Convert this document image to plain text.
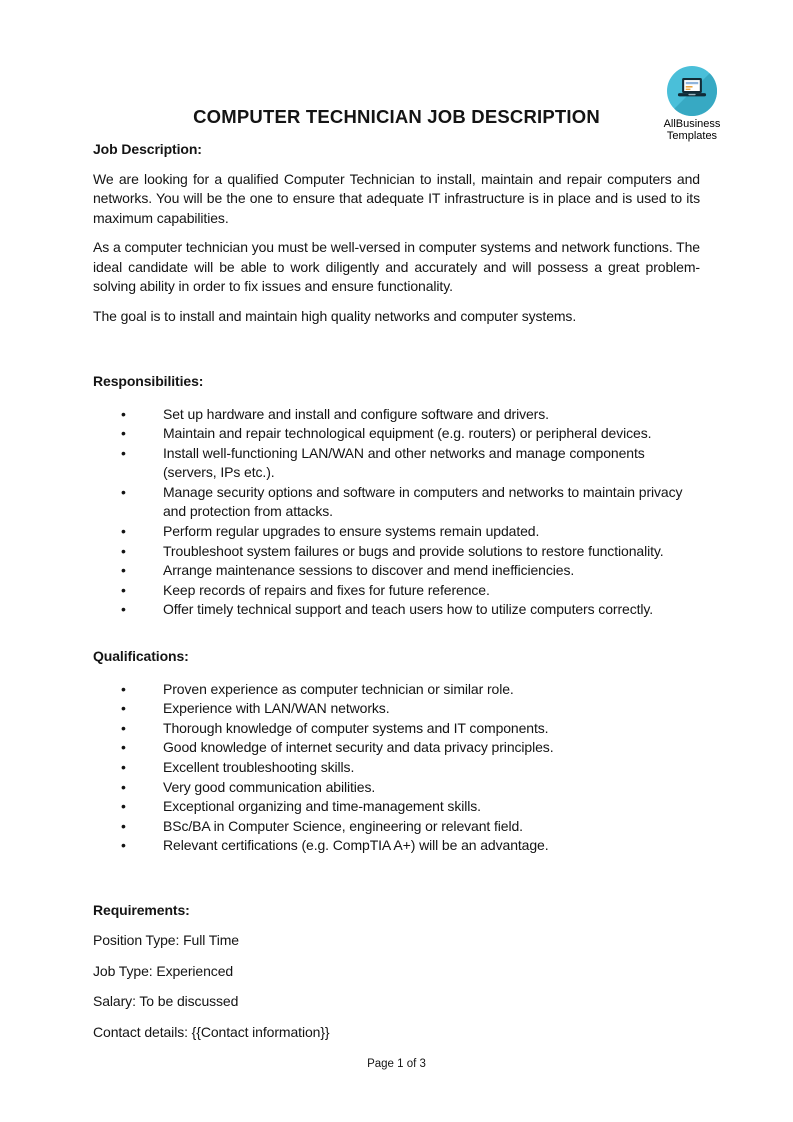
AllBusiness
Templates
COMPUTER TECHNICIAN JOB DESCRIPTION
Job Description:

We are looking for a qualified Computer Technician to install, maintain and repair computers and networks. You will be the one to ensure that adequate IT infrastructure is in place and is used to its maximum capabilities.

As a computer technician you must be well-versed in computer systems and network functions. The ideal candidate will be able to work diligently and accurately and will possess a great problem-solving ability in order to fix issues and ensure functionality.

The goal is to install and maintain high quality networks and computer systems.

Responsibilities:
• Set up hardware and install and configure software and drivers.
• Maintain and repair technological equipment (e.g. routers) or peripheral devices.
• Install well-functioning LAN/WAN and other networks and manage components (servers, IPs etc.).
• Manage security options and software in computers and networks to maintain privacy and protection from attacks.
• Perform regular upgrades to ensure systems remain updated.
• Troubleshoot system failures or bugs and provide solutions to restore functionality.
• Arrange maintenance sessions to discover and mend inefficiencies.
• Keep records of repairs and fixes for future reference.
• Offer timely technical support and teach users how to utilize computers correctly.
Qualifications:
• Proven experience as computer technician or similar role.
• Experience with LAN/WAN networks.
• Thorough knowledge of computer systems and IT components.
• Good knowledge of internet security and data privacy principles.
• Excellent troubleshooting skills.
• Very good communication abilities.
• Exceptional organizing and time-management skills.
• BSc/BA in Computer Science, engineering or relevant field.
• Relevant certifications (e.g. CompTIA A+) will be an advantage.
Requirements:

Position Type: Full Time

Job Type: Experienced

Salary: To be discussed

Contact details: {{Contact information}}

Page 1 of 3
